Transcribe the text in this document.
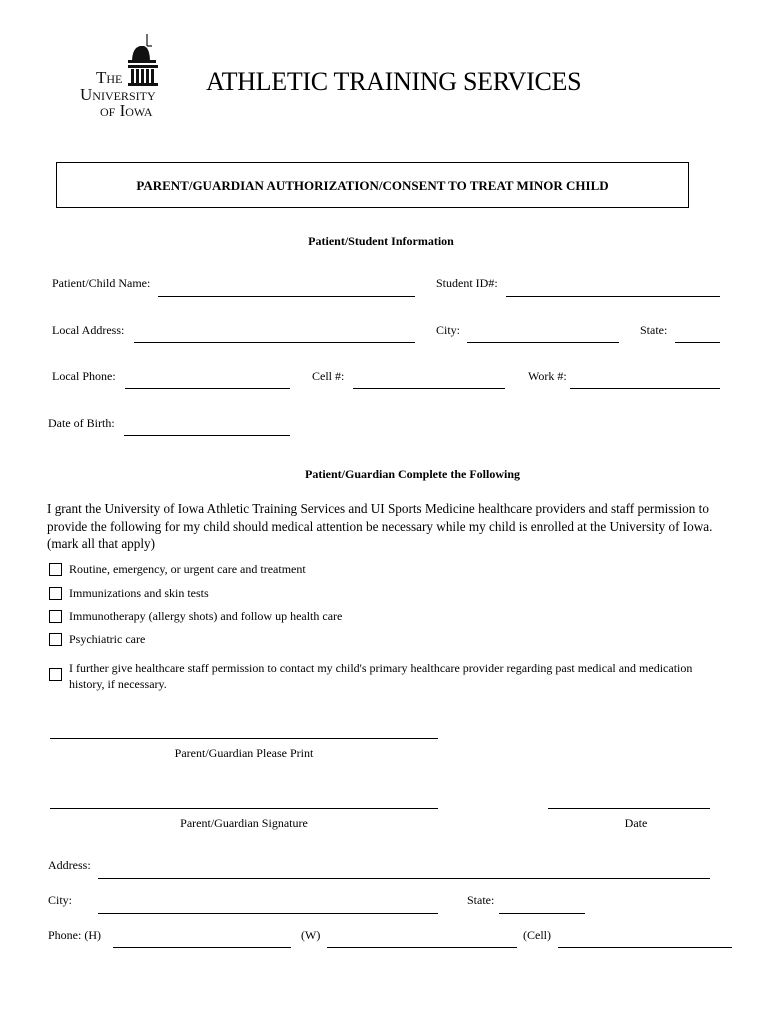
The
University
of Iowa
ATHLETIC TRAINING SERVICES
PARENT/GUARDIAN AUTHORIZATION/CONSENT TO TREAT MINOR CHILD
Patient/Student Information
Patient/Child Name:	Student ID#:
Local Address:	City:	State:
Local Phone:	Cell #:	Work #:
Date of Birth:
Patient/Guardian Complete the Following
I grant the University of Iowa Athletic Training Services and UI Sports Medicine healthcare providers and staff permission to
provide the following for my child should medical attention be necessary while my child is enrolled at the University of Iowa.
(mark all that apply)
Routine, emergency, or urgent care and treatment
Immunizations and skin tests
Immunotherapy (allergy shots) and follow up health care
Psychiatric care
I further give healthcare staff permission to contact my child's primary healthcare provider regarding past medical and medication
history, if necessary.
Parent/Guardian Please Print
Parent/Guardian Signature	Date
Address:
City:	State:
Phone: (H)	(W)	(Cell)
